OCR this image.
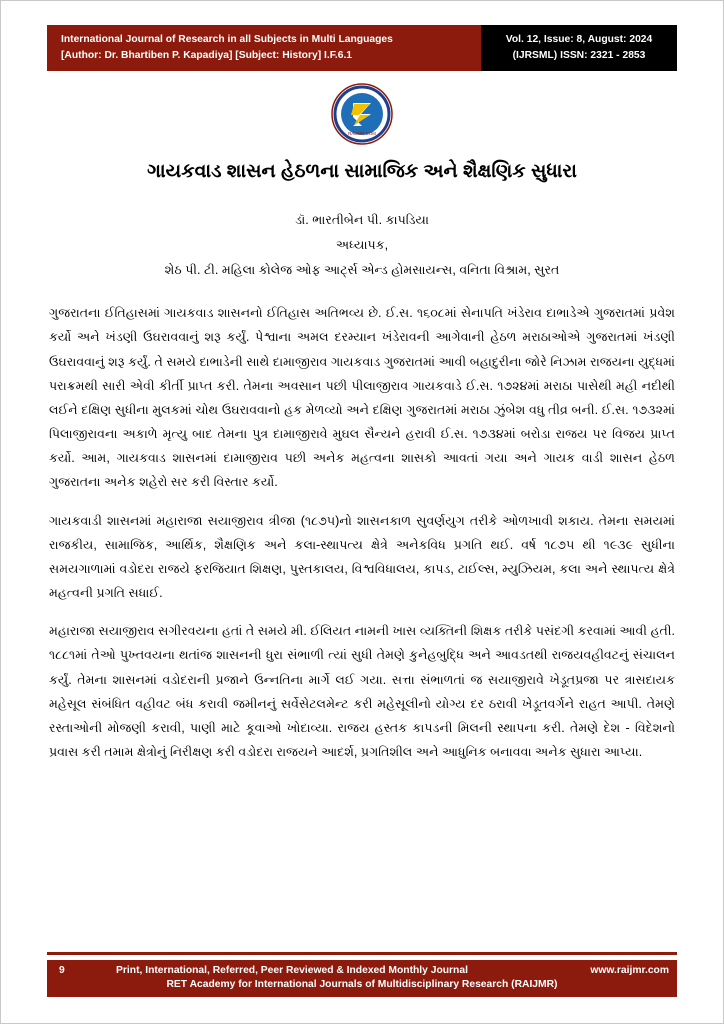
International Journal of Research in all Subjects in Multi Languages
[Author: Dr. Bhartiben P. Kapadiya] [Subject: History] I.F.6.1
Vol. 12, Issue: 8, August: 2024
(IJRSML) ISSN: 2321 - 2853
RAIJMR.COM
ગાયકવાડ શાસન હેઠળના સામાજિક અને શૈક્ષણિક સુધારા
ડૉ. ભારતીબેન પી. કાપડિયા
અધ્યાપક,
શેઠ પી. ટી. મહિલા કોલેજ ઓફ આર્ટ્સ એન્ડ હોમસાયન્સ, વનિતા વિશ્રામ, સુરત

ગુજરાતના ઈતિહાસમાં ગાયકવાડ શાસનનો ઈતિહાસ અતિભવ્ય છે. ઈ.સ. ૧૬૦૮માં સેનાપતિ ખંડેરાવ દાભાડેએ ગુજરાતમાં પ્રવેશ કર્યો અને ખંડણી ઉઘરાવવાનું શરૂ કર્યું. પેશ્વાના અમલ દરમ્યાન ખંડેરાવની આગેવાની હેઠળ મરાઠાઓએ ગુજરાતમાં ખંડણી ઉઘરાવવાનું શરૂ કર્યું. તે સમયે દાભાડેની સાથે દામાજીરાવ ગાયકવાડ ગુજરાતમાં આવી બહાદુરીના જોરે નિઝામ રાજયના યુદ્ધમાં પરાક્રમથી સારી એવી કીર્તી પ્રાપ્ત કરી. તેમના અવસાન પછી પીલાજીરાવ ગાયકવાડે ઈ.સ. ૧૭૨૪માં મરાઠા પાસેથી મહી નદીથી લઈને દક્ષિણ સુધીના મુલકમાં ચોથ ઉઘરાવવાનો હક મેળવ્યો અને દક્ષિણ ગુજરાતમાં મરાઠા ઝુંબેશ વધુ તીવ્ર બની. ઈ.સ. ૧૭૩૨માં પિલાજીરાવના અકાળે મૃત્યુ બાદ તેમના પુત્ર દામાજીરાવે મુઘલ સૈન્યને હરાવી ઈ.સ. ૧૭૩૪માં બરોડા રાજય પર વિજય પ્રાપ્ત કર્યો. આમ, ગાયકવાડ શાસનમાં દામાજીરાવ પછી અનેક મહત્વના શાસકો આવતાં ગયા અને ગાયક વાડી શાસન હેઠળ ગુજરાતના અનેક શહેરો સર કરી વિસ્તાર કર્યો.

ગાયકવાડી શાસનમાં મહારાજા સયાજીરાવ ત્રીજા (૧૮૭૫)નો શાસનકાળ સુવર્ણયુગ તરીકે ઓળખાવી શકાય. તેમના સમયમાં રાજકીય, સામાજિક, આર્થિક, શૈક્ષણિક અને કલા-સ્થાપત્ય ક્ષેત્રે અનેકવિધ પ્રગતિ થઈ. વર્ષ ૧૮૭૫ થી ૧૯૩૯ સુધીના સમયગાળામાં વડોદરા રાજયે ફરજિયાત શિક્ષણ, પુસ્તકાલય, વિશ્વવિધાલય, કાપડ, ટાઈલ્સ, મ્યુઝિયમ, કલા અને સ્થાપત્ય ક્ષેત્રે મહત્વની પ્રગતિ સધાઈ.

મહારાજા સયાજીરાવ સગીરવયના હતાં તે સમયે મી. ઈલિયત નામની ખાસ વ્યક્તિની શિક્ષક તરીકે પસંદગી કરવામાં આવી હતી. ૧૮૮૧માં તેઓ પુખ્તવયના થતાંજ શાસનની ધુરા સંભાળી ત્યાં સુધી તેમણે કુનેહબુદ્ધિ અને આવડતથી રાજયવહીવટનું સંચાલન કર્યું. તેમના શાસનમાં વડોદરાની પ્રજાને ઉન્નતિના માર્ગે લઈ ગયા. સત્તા સંભાળતાં જ સયાજીરાવે ખેડૂતપ્રજા પર ત્રાસદાયક મહેસૂલ સંબંધિત વહીવટ બંધ કરાવી જમીનનું સર્વેસેટલમેન્ટ કરી મહેસૂલીનો યોગ્ય દર ઠરાવી ખેડૂતવર્ગને રાહત આપી. તેમણે રસ્તાઓની મોજણી કરાવી, પાણી માટે કૂવાઓ ખોદાવ્યા. રાજય હસ્તક કાપડની મિલની સ્થાપના કરી. તેમણે દેશ - વિદેશનો પ્રવાસ કરી તમામ ક્ષેત્રોનું નિરીક્ષણ કરી વડોદરા રાજયને આદર્શ, પ્રગતિશીલ અને આધુનિક બનાવવા અનેક સુધારા આપ્યા.

9	Print, International, Referred, Peer Reviewed & Indexed Monthly Journal	www.raijmr.com
RET Academy for International Journals of Multidisciplinary Research (RAIJMR)
